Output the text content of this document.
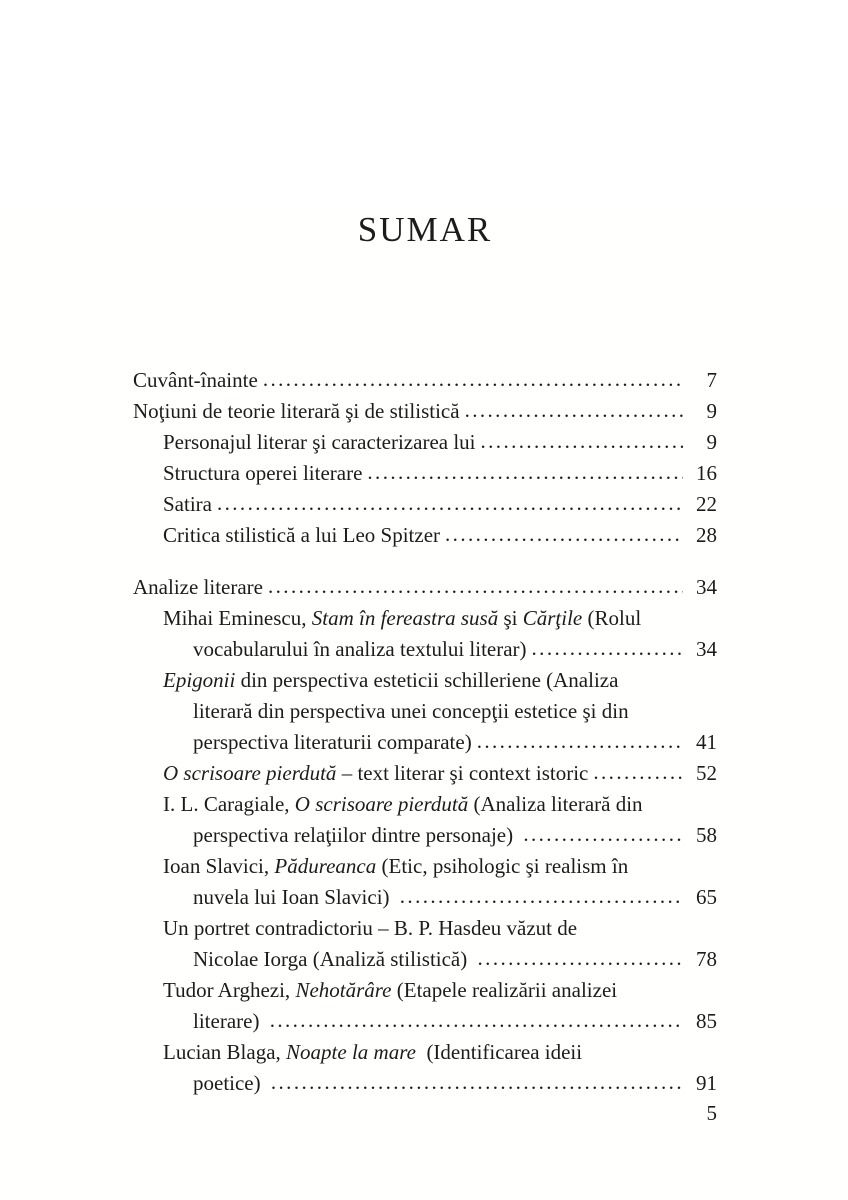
SUMAR
Cuvânt-înainte .....	7
Noţiuni de teorie literară şi de stilistică .....	9
Personajul literar şi caracterizarea lui .....	9
Structura operei literare .....	16
Satira .....	22
Critica stilistică a lui Leo Spitzer .....	28
Analize literare .....	34
Mihai Eminescu, Stam în fereastra susă şi Cărţile (Rolul
vocabularului în analiza textului literar) .....	34
Epigonii din perspectiva esteticii schilleriene (Analiza
literară din perspectiva unei concepţii estetice şi din
perspectiva literaturii comparate) .....	41
O scrisoare pierdută – text literar şi context istoric .....	52
I. L. Caragiale, O scrisoare pierdută (Analiza literară din
perspectiva relaţiilor dintre personaje) .....	58
Ioan Slavici, Pădureanca (Etic, psihologic şi realism în
nuvela lui Ioan Slavici) .....	65
Un portret contradictoriu – B. P. Hasdeu văzut de
Nicolae Iorga (Analiză stilistică) .....	78
Tudor Arghezi, Nehotărâre (Etapele realizării analizei
literare) .....	85
Lucian Blaga, Noapte la mare  (Identificarea ideii
poetice) .....	91
5
